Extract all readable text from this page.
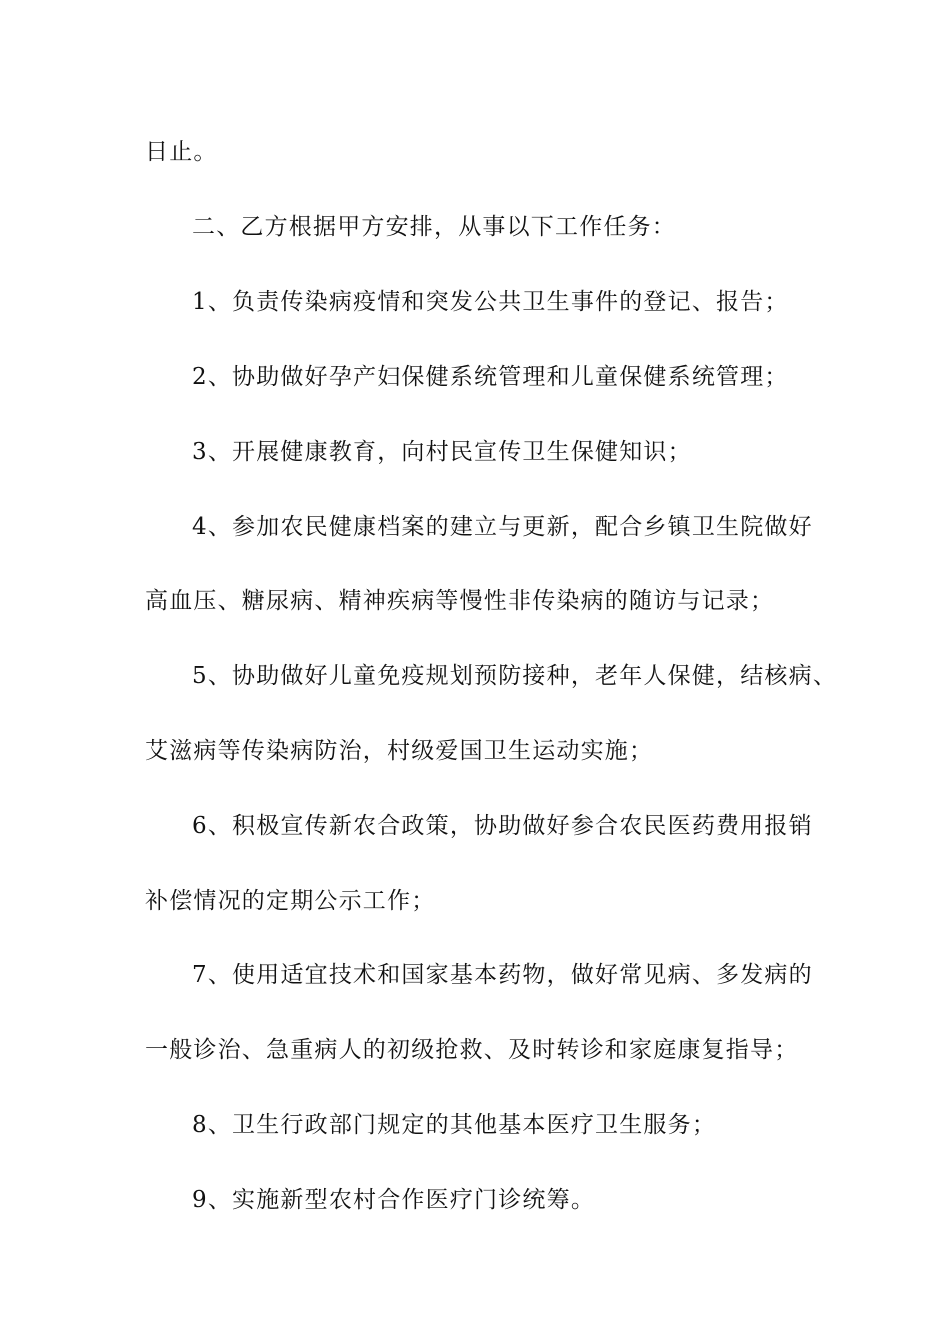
日止。
二、乙方根据甲方安排，从事以下工作任务：
1、负责传染病疫情和突发公共卫生事件的登记、报告；
2、协助做好孕产妇保健系统管理和儿童保健系统管理；
3、开展健康教育，向村民宣传卫生保健知识；
4、参加农民健康档案的建立与更新，配合乡镇卫生院做好
高血压、糖尿病、精神疾病等慢性非传染病的随访与记录；
5、协助做好儿童免疫规划预防接种，老年人保健，结核病、
艾滋病等传染病防治，村级爱国卫生运动实施；
6、积极宣传新农合政策，协助做好参合农民医药费用报销
补偿情况的定期公示工作；
7、使用适宜技术和国家基本药物，做好常见病、多发病的
一般诊治、急重病人的初级抢救、及时转诊和家庭康复指导；
8、卫生行政部门规定的其他基本医疗卫生服务；
9、实施新型农村合作医疗门诊统筹。
